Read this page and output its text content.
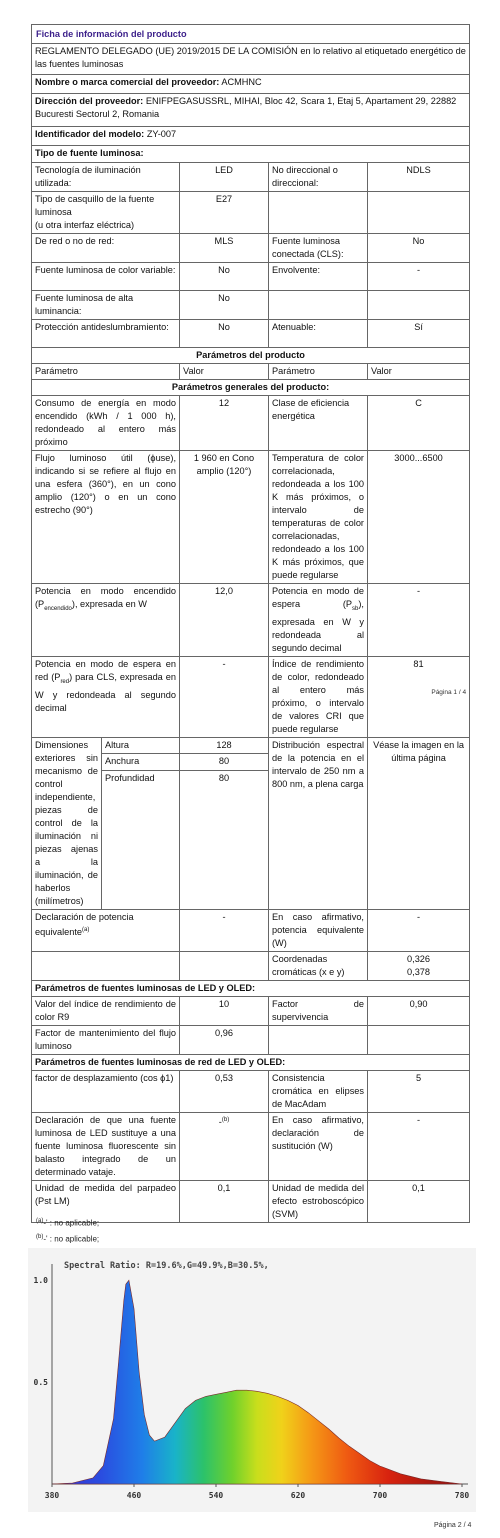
Ficha de información del producto				
REGLAMENTO DELEGADO (UE) 2019/2015 DE LA COMISIÓN en lo relativo al etiquetado energético de las fuentes luminosas				
Nombre o marca comercial del proveedor: ACMHNC				
Dirección del proveedor: ENIFPEGASUSSRL, MIHAI, Bloc 42, Scara 1, Etaj 5, Apartament 29, 22882 Bucuresti Sectorul 2, Romania				
Identificador del modelo: ZY-007				
Tipo de fuente luminosa:				
Tecnología de iluminación utilizada:		LED	No direccional o direccional:	NDLS

Tipo de casquillo de la fuente luminosa
(u otra interfaz eléctrica)		E27		
De red o no de red:		MLS	Fuente luminosa conectada (CLS):	No
Fuente luminosa de color variable:		No	Envolvente:	-
Fuente luminosa de alta luminancia:		No		
Protección antideslumbramiento:		No	Atenuable:	Sí
Parámetros del producto				
Parámetro		Valor	Parámetro	Valor
Parámetros generales del producto:				
Consumo de energía en modo encendido (kWh / 1 000 h), redondeado al entero más próximo		12	Clase de eficiencia energética	C
Flujo luminoso útil (ϕuse), indicando si se refiere al flujo en una esfera (360°), en un cono amplio (120°) o en un cono estrecho (90°)		1 960 en Cono amplio (120°)	Temperatura de color correlacionada, redondeada a los 100 K más próximos, o intervalo de temperaturas de color correlacionadas, redondeado a los 100 K más próximos, que puede regularse	3000...6500
Potencia en modo encendido $(P_{encendido})$, expresada en W		12,0	Potencia en modo de espera $(P_{sb})$, expresada en W y redondeada al segundo decimal	-
Potencia en modo de espera en red $(P_{red})$ para CLS, expresada en W y redondeada al segundo decimal		-	Índice de rendimiento de color, redondeado al entero más próximo, o intervalo de valores CRI que puede regularse	81
Página 1 / 4

Dimensiones exteriores sin mecanismo de control independiente, piezas de control de la iluminación ni piezas ajenas a la iluminación, de haberlos (milímetros)	Altura	128	Distribución espectral de la potencia en el intervalo de 250 nm a 800 nm, a plena carga	Véase la imagen en la última página
	Anchura	80		
	Profundidad	80		
Declaración de potencia equivalente$^{(a)}$		-	En caso afirmativo, potencia equivalente (W)	-
			Coordenadas cromáticas (x e y)	0,326
0,378

Parámetros de fuentes luminosas de LED y OLED:				
Valor del índice de rendimiento de color R9		10	Factor de supervivencia	0,90
Factor de mantenimiento del flujo luminoso		0,96		
Parámetros de fuentes luminosas de red de LED y OLED:				
factor de desplazamiento (cos ϕ1)		0,53	Consistencia cromática en elipses de MacAdam	5
Declaración de que una fuente luminosa de LED sustituye a una fuente luminosa fluorescente sin balasto integrado de un determinado vataje.		-$^{(b)}$	En caso afirmativo, declaración de sustitución (W)	-
Unidad de medida del parpadeo (Pst LM)		0,1	Unidad de medida del efecto estroboscópico (SVM)	0,1
$^{(a)}$-' : no aplicable;
$^{(b)}$-' : no aplicable;
380	460	540	620	700	780
1.0
0.5
Spectral Ratio: R=19.6%,G=49.9%,B=30.5%,
Página 2 / 4
